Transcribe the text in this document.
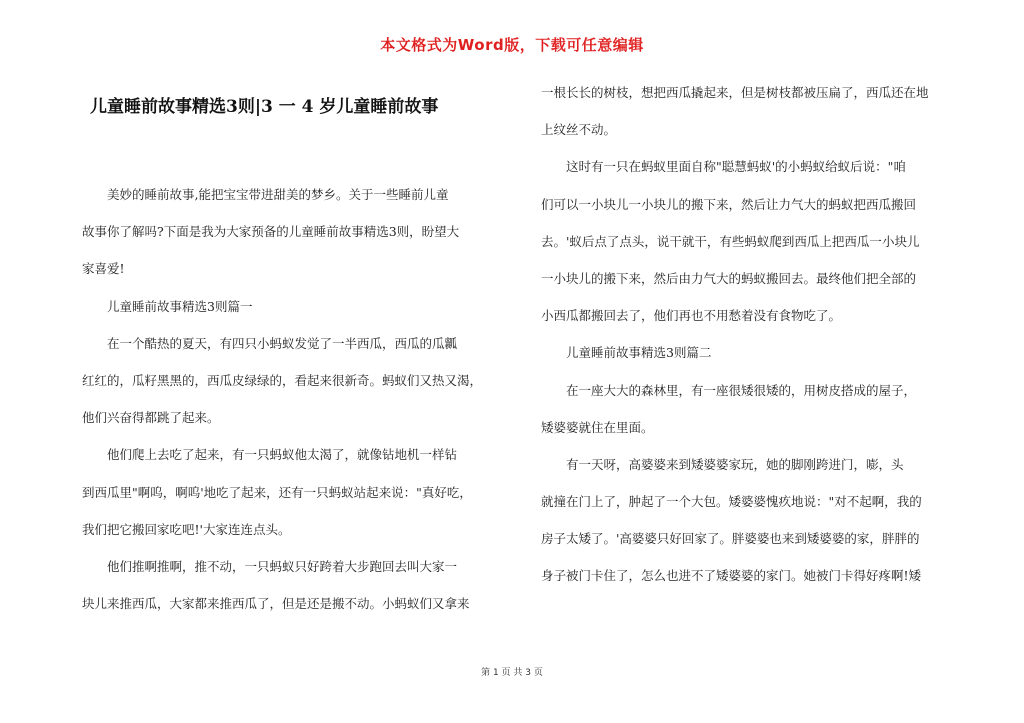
本文格式为Word版，下载可任意编辑
儿童睡前故事精选3则|3 一 4 岁儿童睡前故事
　　美妙的睡前故事,能把宝宝带进甜美的梦乡。关于一些睡前儿童
故事你了解吗?下面是我为大家预备的儿童睡前故事精选3则，盼望大
家喜爱!
　　儿童睡前故事精选3则篇一
　　在一个酷热的夏天，有四只小蚂蚁发觉了一半西瓜，西瓜的瓜瓤
红红的，瓜籽黑黑的，西瓜皮绿绿的，看起来很新奇。蚂蚁们又热又渴，
他们兴奋得都跳了起来。
　　他们爬上去吃了起来，有一只蚂蚁他太渴了，就像钻地机一样钻
到西瓜里"啊呜，啊呜'地吃了起来，还有一只蚂蚁站起来说："真好吃，
我们把它搬回家吃吧!'大家连连点头。
　　他们推啊推啊，推不动，一只蚂蚁只好跨着大步跑回去叫大家一
块儿来推西瓜，大家都来推西瓜了，但是还是搬不动。小蚂蚁们又拿来
一根长长的树枝，想把西瓜撬起来，但是树枝都被压扁了，西瓜还在地
上纹丝不动。
　　这时有一只在蚂蚁里面自称"聪慧蚂蚁'的小蚂蚁给蚁后说："咱
们可以一小块儿一小块儿的搬下来，然后让力气大的蚂蚁把西瓜搬回
去。'蚁后点了点头，说干就干，有些蚂蚁爬到西瓜上把西瓜一小块儿
一小块儿的搬下来，然后由力气大的蚂蚁搬回去。最终他们把全部的
小西瓜都搬回去了，他们再也不用愁着没有食物吃了。
　　儿童睡前故事精选3则篇二
　　在一座大大的森林里，有一座很矮很矮的，用树皮搭成的屋子，
矮婆婆就住在里面。
　　有一天呀，高婆婆来到矮婆婆家玩，她的脚刚跨进门，嘭，头
就撞在门上了，肿起了一个大包。矮婆婆愧疚地说："对不起啊，我的
房子太矮了。'高婆婆只好回家了。胖婆婆也来到矮婆婆的家，胖胖的
身子被门卡住了，怎么也进不了矮婆婆的家门。她被门卡得好疼啊!矮
第 1 页 共 3 页
